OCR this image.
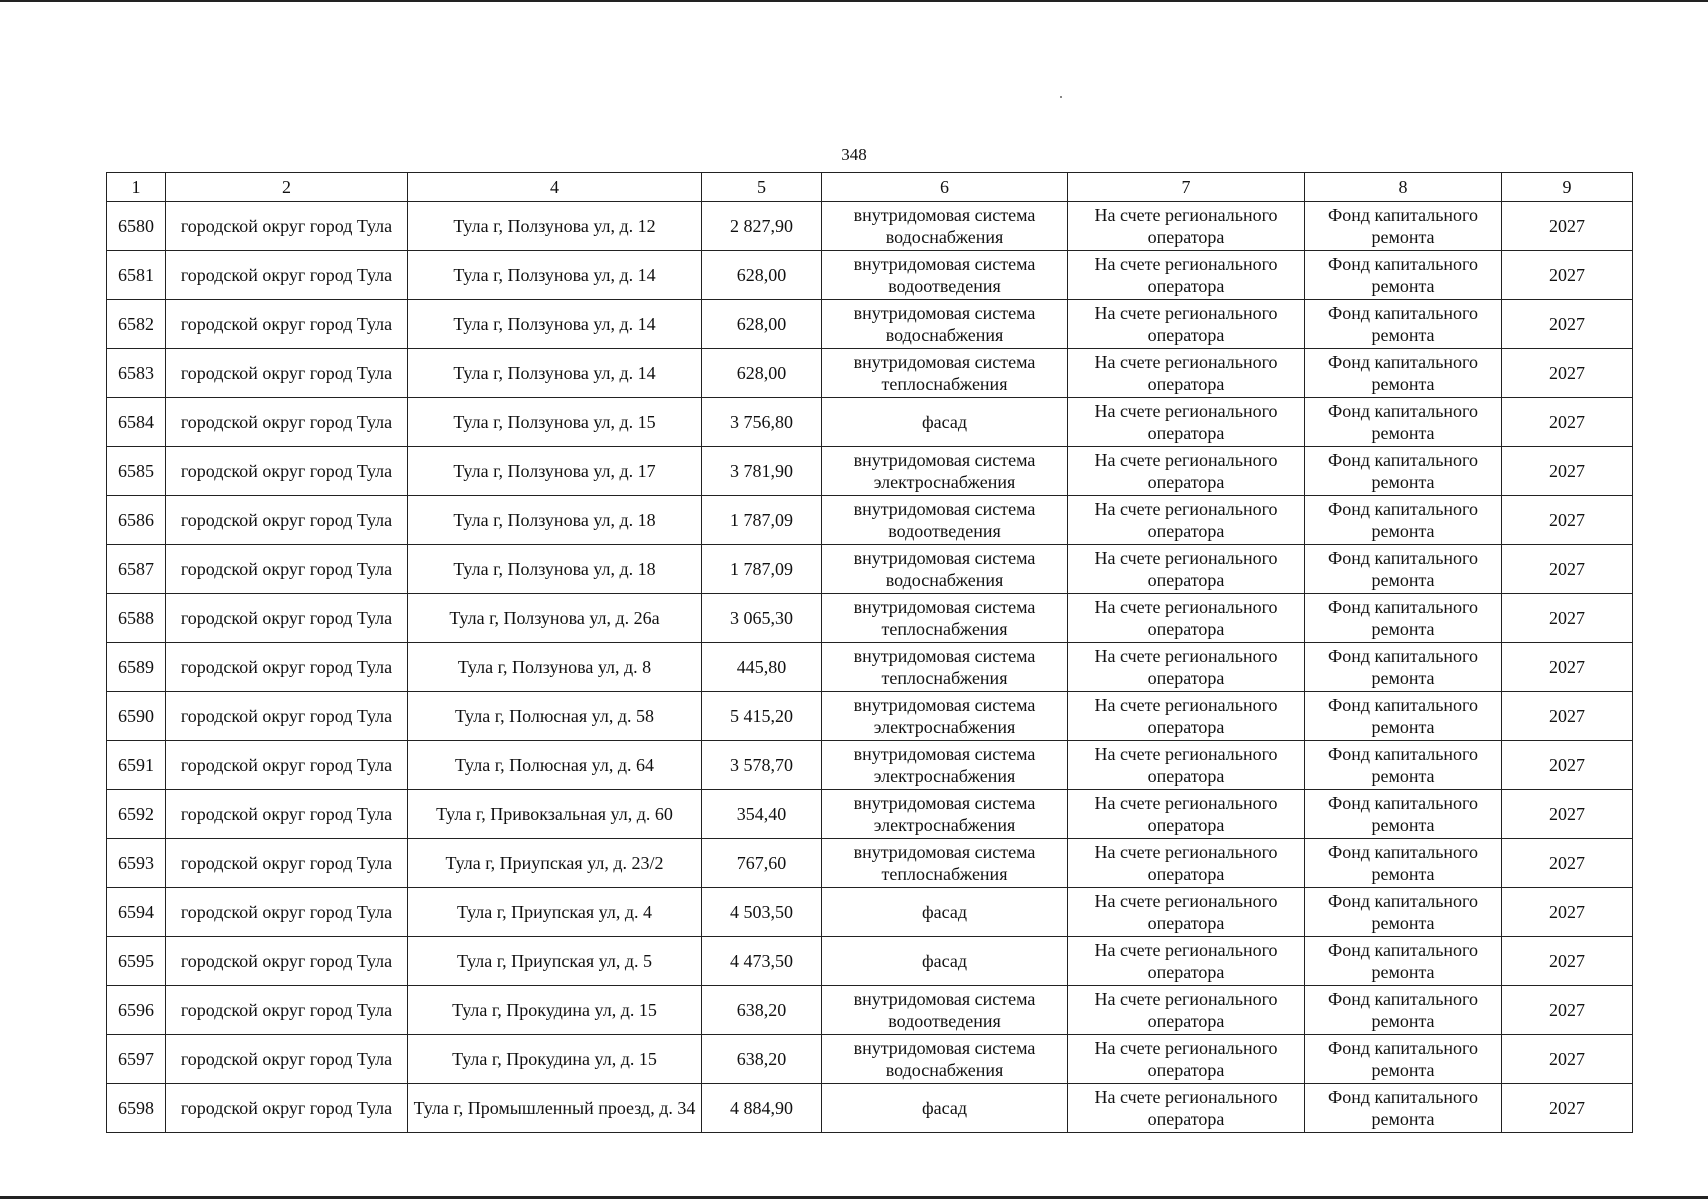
348
1	2	4	5	6	7	8	9
6580	городской округ город Тула	Тула г, Ползунова ул, д. 12	2 827,90	внутридомовая система водоснабжения	На счете регионального оператора	Фонд капитального ремонта	2027
6581	городской округ город Тула	Тула г, Ползунова ул, д. 14	628,00	внутридомовая система водоотведения	На счете регионального оператора	Фонд капитального ремонта	2027
6582	городской округ город Тула	Тула г, Ползунова ул, д. 14	628,00	внутридомовая система водоснабжения	На счете регионального оператора	Фонд капитального ремонта	2027
6583	городской округ город Тула	Тула г, Ползунова ул, д. 14	628,00	внутридомовая система теплоснабжения	На счете регионального оператора	Фонд капитального ремонта	2027
6584	городской округ город Тула	Тула г, Ползунова ул, д. 15	3 756,80	фасад	На счете регионального оператора	Фонд капитального ремонта	2027
6585	городской округ город Тула	Тула г, Ползунова ул, д. 17	3 781,90	внутридомовая система электроснабжения	На счете регионального оператора	Фонд капитального ремонта	2027
6586	городской округ город Тула	Тула г, Ползунова ул, д. 18	1 787,09	внутридомовая система водоотведения	На счете регионального оператора	Фонд капитального ремонта	2027
6587	городской округ город Тула	Тула г, Ползунова ул, д. 18	1 787,09	внутридомовая система водоснабжения	На счете регионального оператора	Фонд капитального ремонта	2027
6588	городской округ город Тула	Тула г, Ползунова ул, д. 26а	3 065,30	внутридомовая система теплоснабжения	На счете регионального оператора	Фонд капитального ремонта	2027
6589	городской округ город Тула	Тула г, Ползунова ул, д. 8	445,80	внутридомовая система теплоснабжения	На счете регионального оператора	Фонд капитального ремонта	2027
6590	городской округ город Тула	Тула г, Полюсная ул, д. 58	5 415,20	внутридомовая система электроснабжения	На счете регионального оператора	Фонд капитального ремонта	2027
6591	городской округ город Тула	Тула г, Полюсная ул, д. 64	3 578,70	внутридомовая система электроснабжения	На счете регионального оператора	Фонд капитального ремонта	2027
6592	городской округ город Тула	Тула г, Привокзальная ул, д. 60	354,40	внутридомовая система электроснабжения	На счете регионального оператора	Фонд капитального ремонта	2027
6593	городской округ город Тула	Тула г, Приупская ул, д. 23/2	767,60	внутридомовая система теплоснабжения	На счете регионального оператора	Фонд капитального ремонта	2027
6594	городской округ город Тула	Тула г, Приупская ул, д. 4	4 503,50	фасад	На счете регионального оператора	Фонд капитального ремонта	2027
6595	городской округ город Тула	Тула г, Приупская ул, д. 5	4 473,50	фасад	На счете регионального оператора	Фонд капитального ремонта	2027
6596	городской округ город Тула	Тула г, Прокудина ул, д. 15	638,20	внутридомовая система водоотведения	На счете регионального оператора	Фонд капитального ремонта	2027
6597	городской округ город Тула	Тула г, Прокудина ул, д. 15	638,20	внутридомовая система водоснабжения	На счете регионального оператора	Фонд капитального ремонта	2027
6598	городской округ город Тула	Тула г, Промышленный проезд, д. 34	4 884,90	фасад	На счете регионального оператора	Фонд капитального ремонта	2027
